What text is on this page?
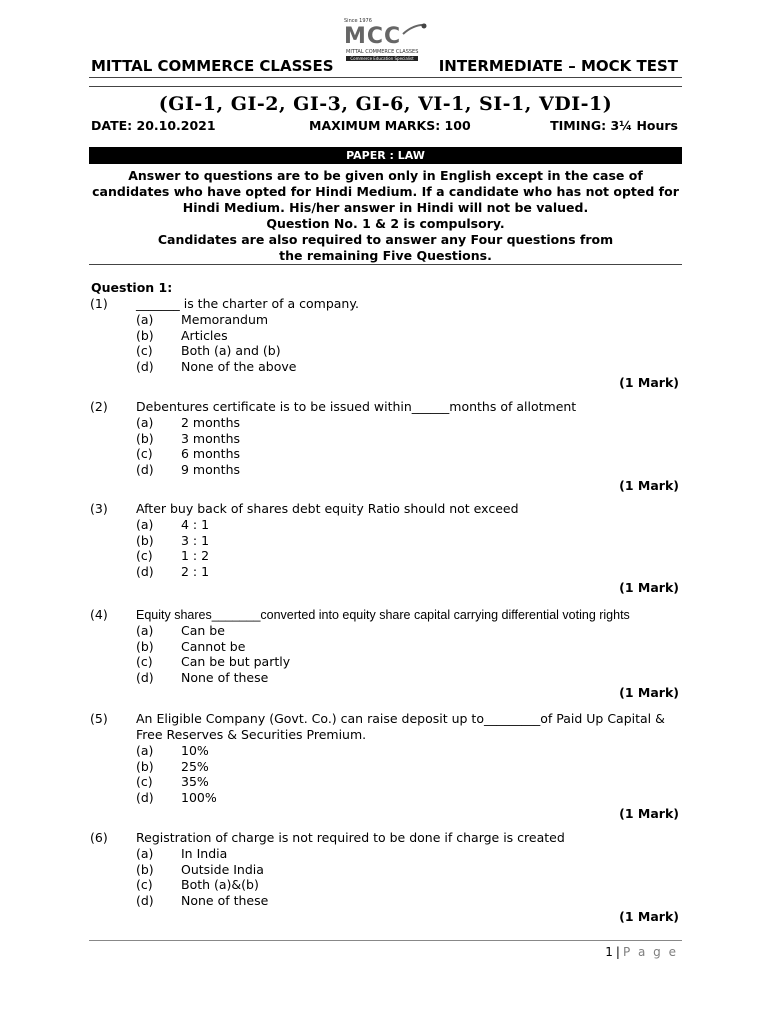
Since 1976
MCC
MITTAL COMMERCE CLASSES
Commerce Education Specialist
MITTAL COMMERCE CLASSES	INTERMEDIATE – MOCK TEST
(GI-1, GI-2, GI-3, GI-6, VI-1, SI-1, VDI-1)
DATE: 20.10.2021	MAXIMUM MARKS: 100	TIMING: 3¼ Hours
PAPER : LAW
Answer to questions are to be given only in English except in the case of
candidates who have opted for Hindi Medium. If a candidate who has not opted for
Hindi Medium. His/her answer in Hindi will not be valued.
Question No. 1 & 2 is compulsory.
Candidates are also required to answer any Four questions from
the remaining Five Questions.
Question 1:
(1) _______ is the charter of a company.
(a) Memorandum
(b) Articles
(c) Both (a) and (b)
(d) None of the above
(1 Mark)
(2) Debentures certificate is to be issued within______months of allotment
(a) 2 months
(b) 3 months
(c) 6 months
(d) 9 months
(1 Mark)
(3) After buy back of shares debt equity Ratio should not exceed
(a) 4 : 1
(b) 3 : 1
(c) 1 : 2
(d) 2 : 1
(1 Mark)
(4) Equity shares_______converted into equity share capital carrying differential voting rights
(a) Can be
(b) Cannot be
(c) Can be but partly
(d) None of these
(1 Mark)
(5) An Eligible Company (Govt. Co.) can raise deposit up to_________of Paid Up Capital & Free Reserves & Securities Premium.
(a) 10%
(b) 25%
(c) 35%
(d) 100%
(1 Mark)
(6) Registration of charge is not required to be done if charge is created
(a) In India
(b) Outside India
(c) Both (a)&(b)
(d) None of these
(1 Mark)
1 | P a g e
